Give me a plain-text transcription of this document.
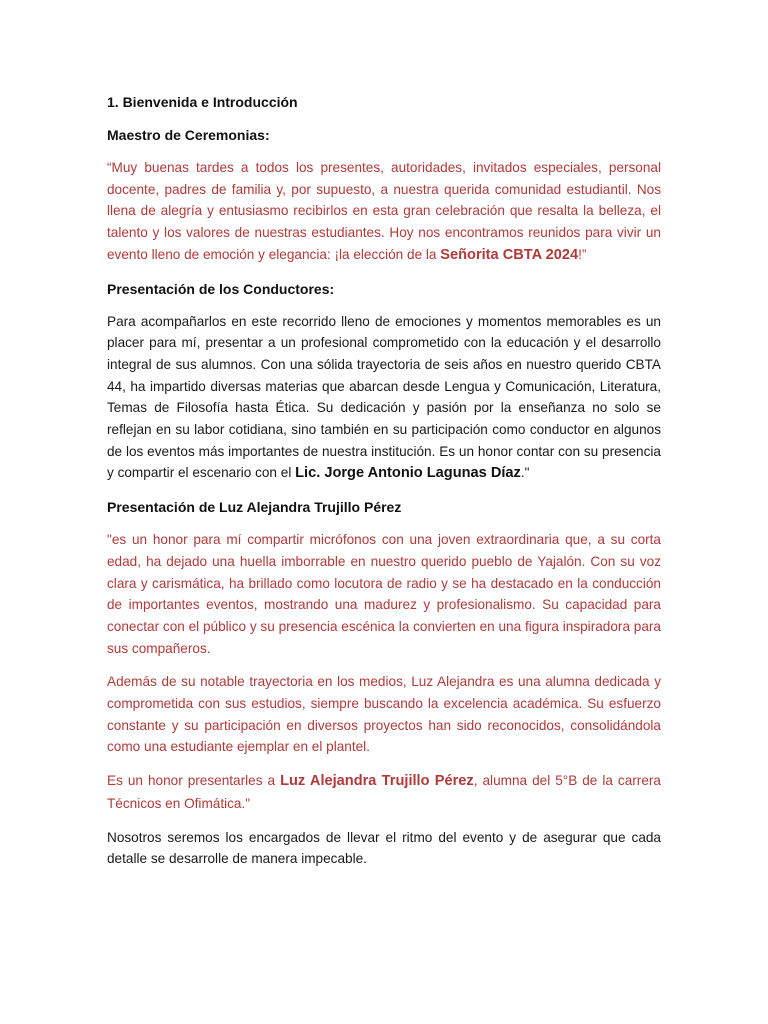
1. Bienvenida e Introducción
Maestro de Ceremonias:

“Muy buenas tardes a todos los presentes, autoridades, invitados especiales, personal docente, padres de familia y, por supuesto, a nuestra querida comunidad estudiantil. Nos llena de alegría y entusiasmo recibirlos en esta gran celebración que resalta la belleza, el talento y los valores de nuestras estudiantes. Hoy nos encontramos reunidos para vivir un evento lleno de emoción y elegancia: ¡la elección de la Señorita CBTA 2024!”

Presentación de los Conductores:

Para acompañarlos en este recorrido lleno de emociones y momentos memorables es un placer para mí, presentar a un profesional comprometido con la educación y el desarrollo integral de sus alumnos. Con una sólida trayectoria de seis años en nuestro querido CBTA 44, ha impartido diversas materias que abarcan desde Lengua y Comunicación, Literatura, Temas de Filosofía hasta Ética. Su dedicación y pasión por la enseñanza no solo se reflejan en su labor cotidiana, sino también en su participación como conductor en algunos de los eventos más importantes de nuestra institución. Es un honor contar con su presencia y compartir el escenario con el Lic. Jorge Antonio Lagunas Díaz."

Presentación de Luz Alejandra Trujillo Pérez

"es un honor para mí compartir micrófonos con una joven extraordinaria que, a su corta edad, ha dejado una huella imborrable en nuestro querido pueblo de Yajalón. Con su voz clara y carismática, ha brillado como locutora de radio y se ha destacado en la conducción de importantes eventos, mostrando una madurez y profesionalismo. Su capacidad para conectar con el público y su presencia escénica la convierten en una figura inspiradora para sus compañeros.

Además de su notable trayectoria en los medios, Luz Alejandra es una alumna dedicada y comprometida con sus estudios, siempre buscando la excelencia académica. Su esfuerzo constante y su participación en diversos proyectos han sido reconocidos, consolidándola como una estudiante ejemplar en el plantel.

Es un honor presentarles a Luz Alejandra Trujillo Pérez, alumna del 5°B de la carrera Técnicos en Ofimática."

Nosotros seremos los encargados de llevar el ritmo del evento y de asegurar que cada detalle se desarrolle de manera impecable.
